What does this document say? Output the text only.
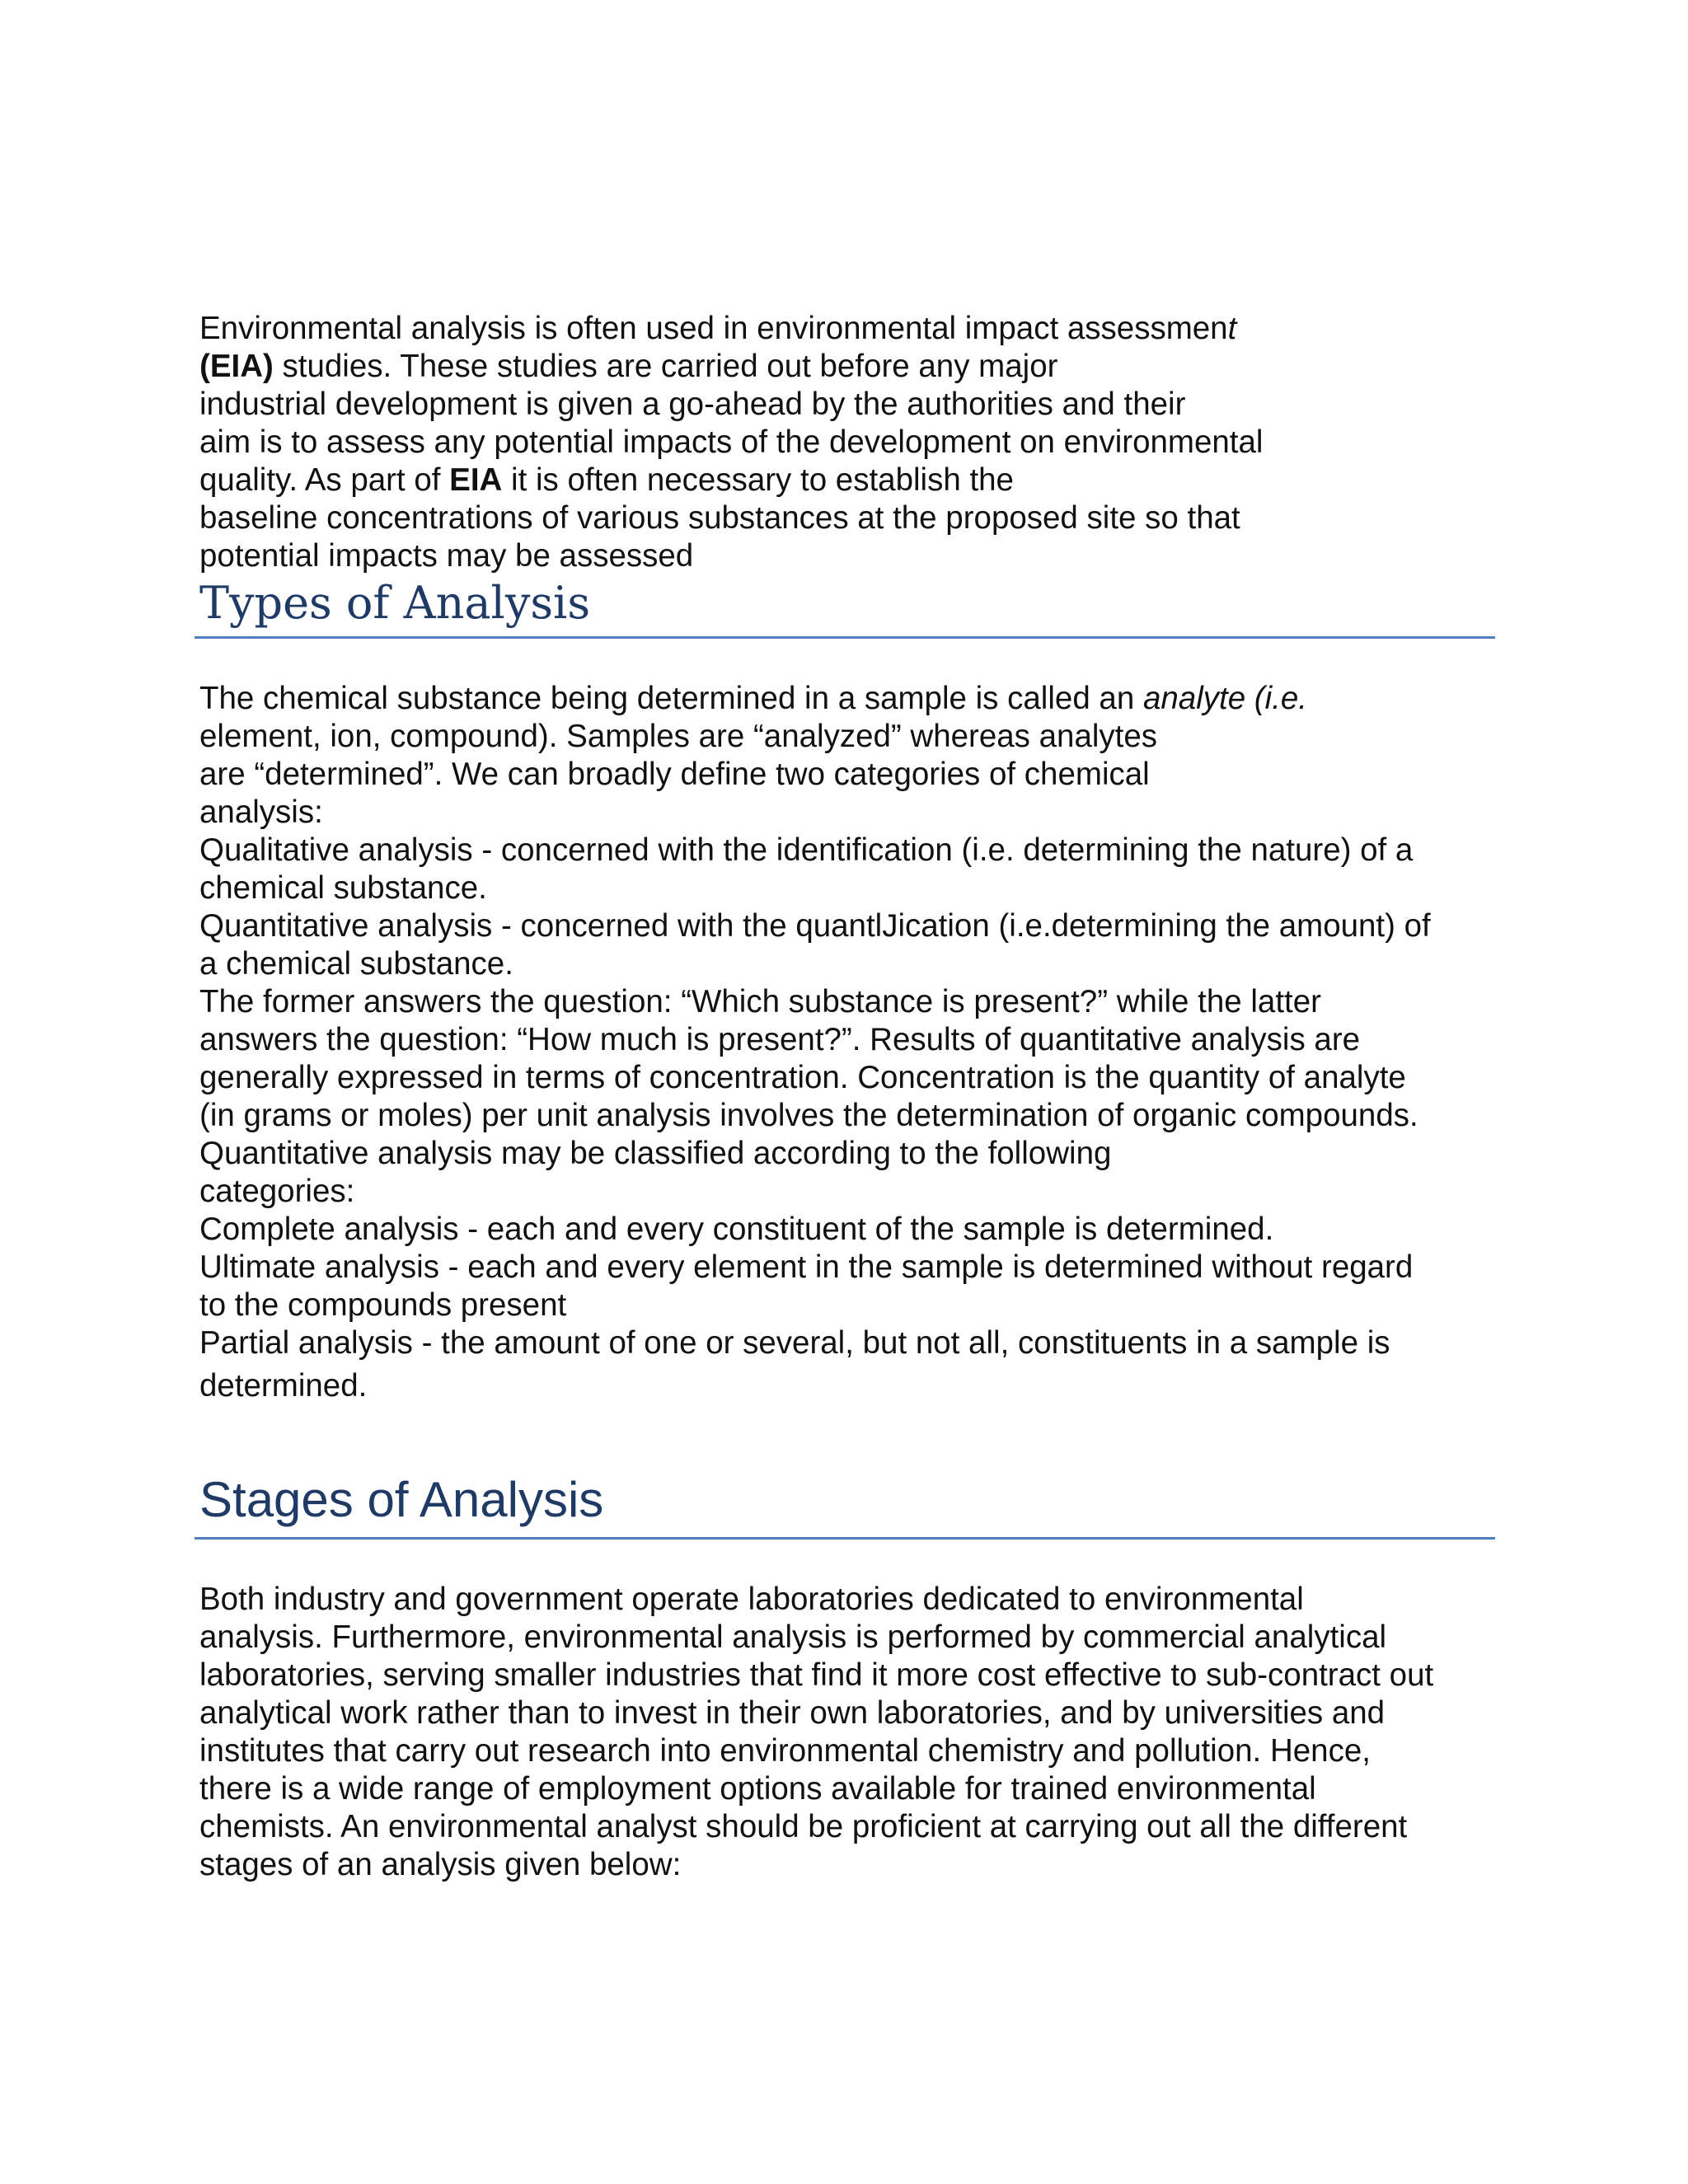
Environmental analysis is often used in environmental impact assessment
(EIA) studies. These studies are carried out before any major
industrial development is given a go-ahead by the authorities and their
aim is to assess any potential impacts of the development on environmental
quality. As part of EIA it is often necessary to establish the
baseline concentrations of various substances at the proposed site so that
potential impacts may be assessed

Types of Analysis

The chemical substance being determined in a sample is called an analyte (i.e.
element, ion, compound). Samples are “analyzed” whereas analytes
are “determined”. We can broadly define two categories of chemical
analysis:
Qualitative analysis - concerned with the identification (i.e. determining the nature) of a
chemical substance.
Quantitative analysis - concerned with the quantlJication (i.e.determining the amount) of
a chemical substance.
The former answers the question: “Which substance is present?” while the latter
answers the question: “How much is present?”. Results of quantitative analysis are
generally expressed in terms of concentration. Concentration is the quantity of analyte
(in grams or moles) per unit analysis involves the determination of organic compounds.
Quantitative analysis may be classified according to the following
categories:
Complete analysis - each and every constituent of the sample is determined.
Ultimate analysis - each and every element in the sample is determined without regard
to the compounds present
Partial analysis - the amount of one or several, but not all, constituents in a sample is
determined.

Stages of Analysis

Both industry and government operate laboratories dedicated to environmental
analysis. Furthermore, environmental analysis is performed by commercial analytical
laboratories, serving smaller industries that find it more cost effective to sub-contract out
analytical work rather than to invest in their own laboratories, and by universities and
institutes that carry out research into environmental chemistry and pollution. Hence,
there is a wide range of employment options available for trained environmental
chemists. An environmental analyst should be proficient at carrying out all the different
stages of an analysis given below:
